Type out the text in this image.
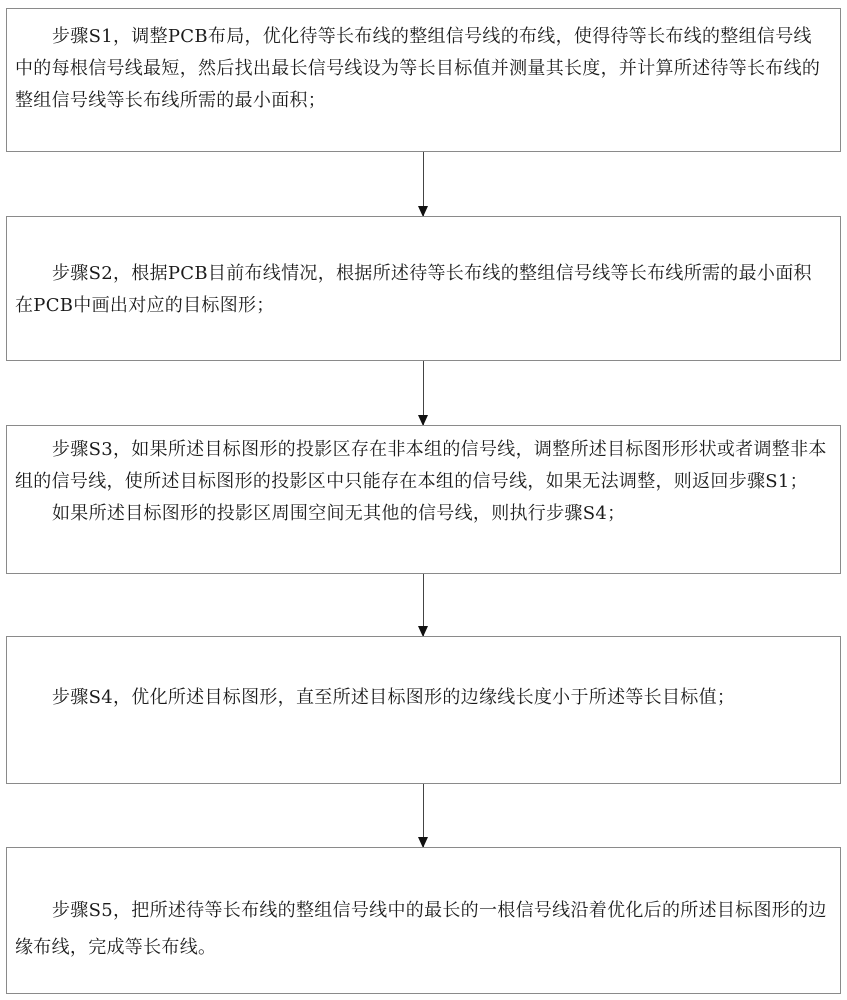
步骤S1，调整PCB布局，优化待等长布线的整组信号线的布线，使得待等长布线的整组信号线中的每根信号线最短，然后找出最长信号线设为等长目标值并测量其长度，并计算所述待等长布线的整组信号线等长布线所需的最小面积；

步骤S2，根据PCB目前布线情况，根据所述待等长布线的整组信号线等长布线所需的最小面积在PCB中画出对应的目标图形；

步骤S3，如果所述目标图形的投影区存在非本组的信号线，调整所述目标图形形状或者调整非本组的信号线，使所述目标图形的投影区中只能存在本组的信号线，如果无法调整，则返回步骤S1；

如果所述目标图形的投影区周围空间无其他的信号线，则执行步骤S4；

步骤S4，优化所述目标图形，直至所述目标图形的边缘线长度小于所述等长目标值；

步骤S5，把所述待等长布线的整组信号线中的最长的一根信号线沿着优化后的所述目标图形的边缘布线，完成等长布线。
